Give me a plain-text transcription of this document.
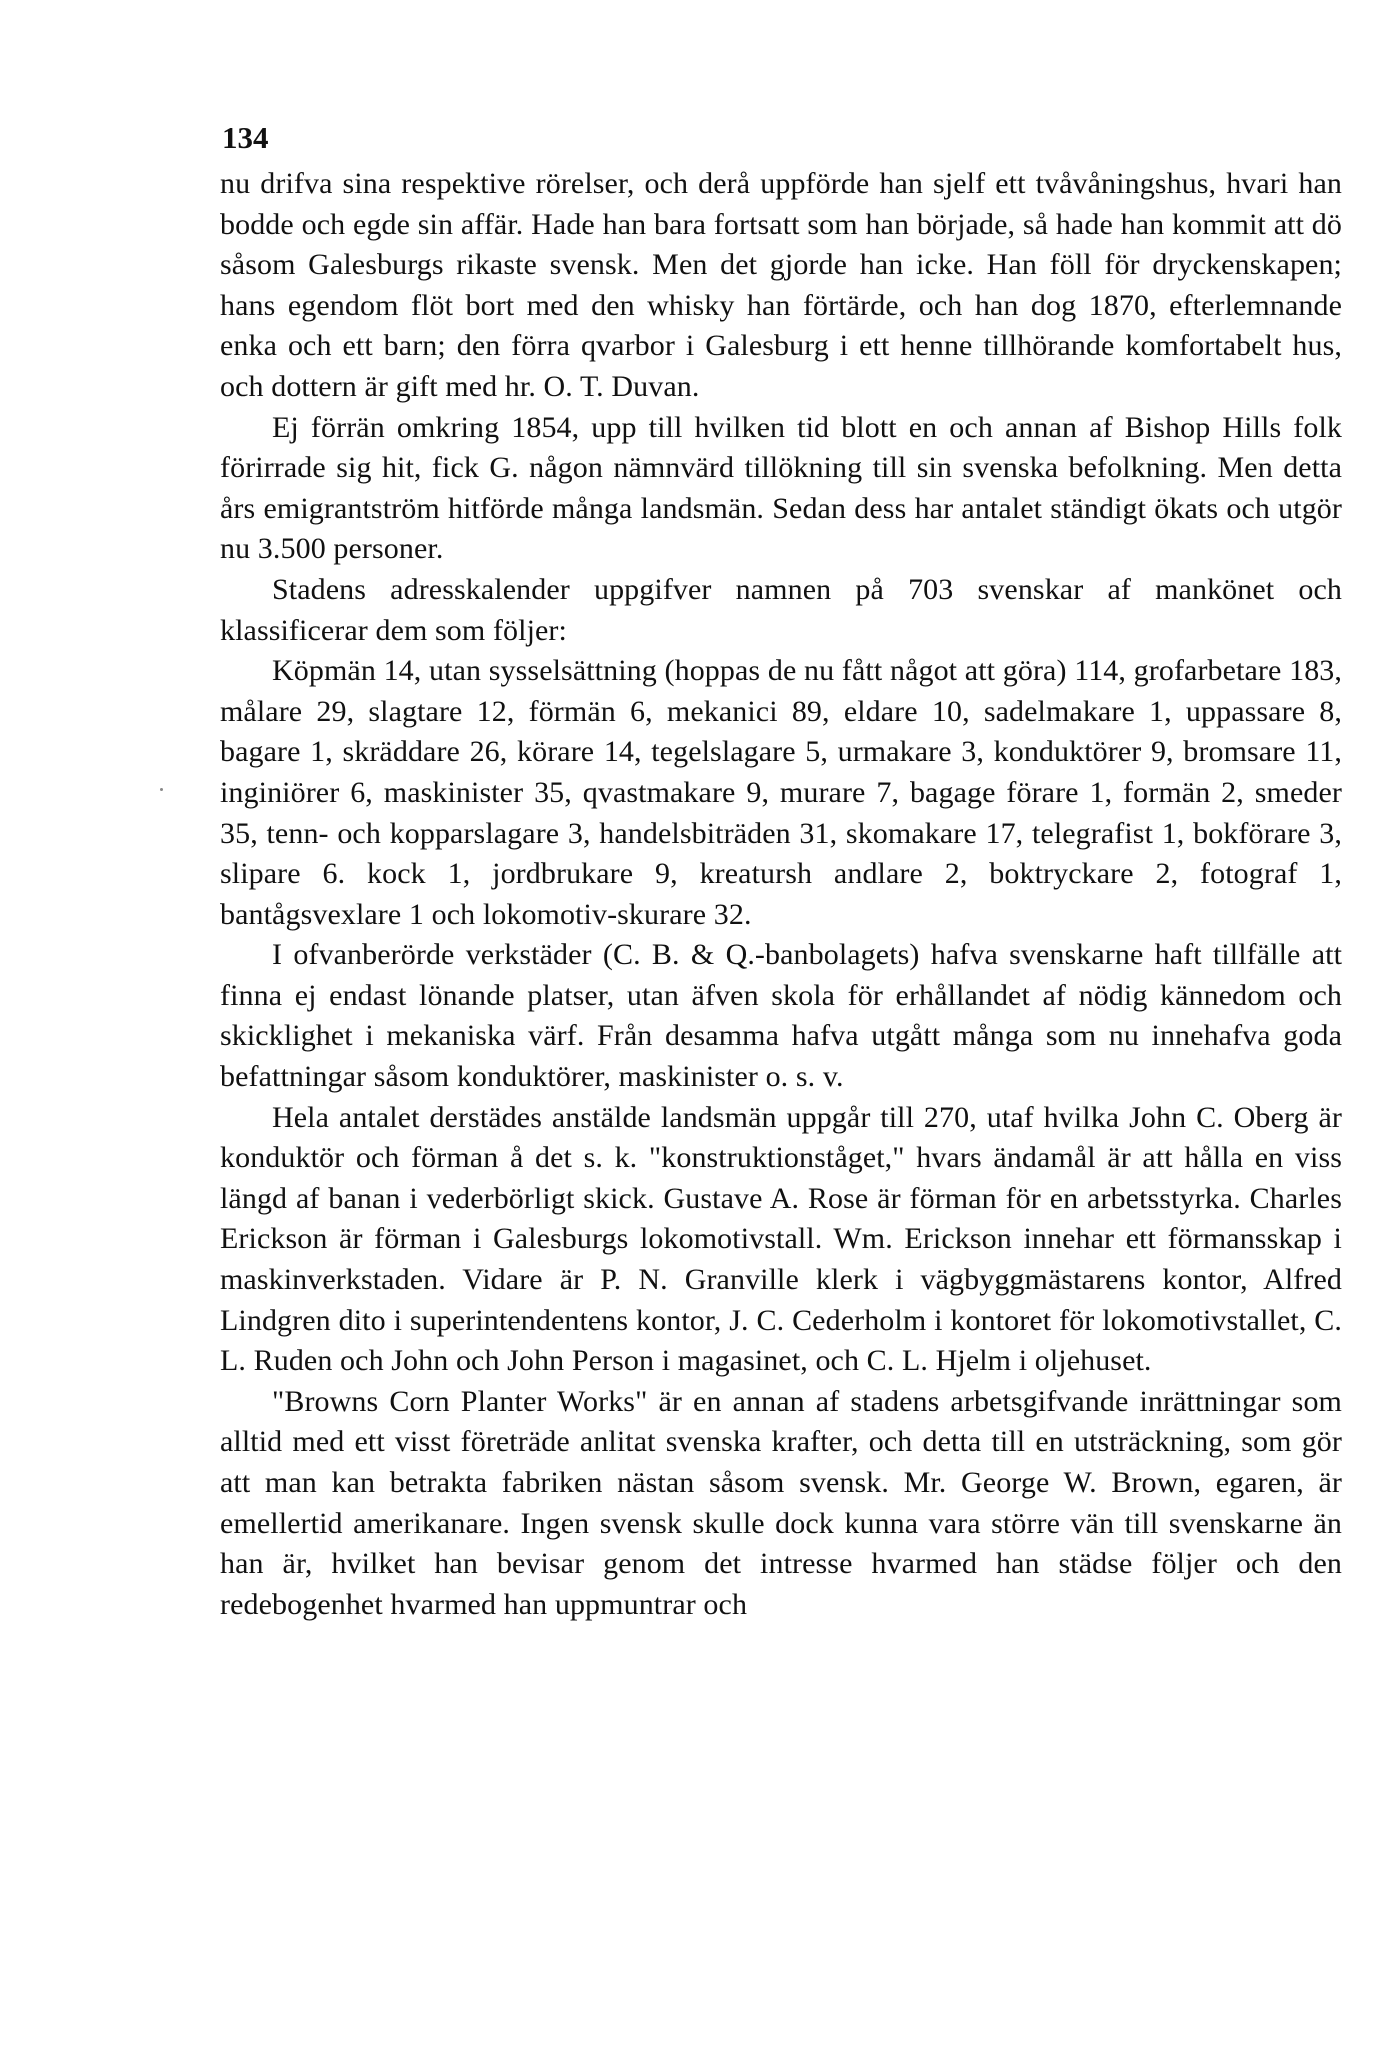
134

nu drifva sina respektive rörelser, och derå uppförde han sjelf ett tvåvåningshus, hvari han bodde och egde sin affär. Hade han bara fortsatt som han började, så hade han kommit att dö såsom Galesburgs rikaste svensk. Men det gjorde han icke. Han föll för dryckenskapen; hans egendom flöt bort med den whisky han förtärde, och han dog 1870, efterlemnande enka och ett barn; den förra qvarbor i Galesburg i ett henne tillhörande komfortabelt hus, och dottern är gift med hr. O. T. Duvan.

Ej förrän omkring 1854, upp till hvilken tid blott en och annan af Bishop Hills folk förirrade sig hit, fick G. någon nämnvärd tillökning till sin svenska befolkning. Men detta års emigrantström hitförde många landsmän. Sedan dess har antalet ständigt ökats och utgör nu 3.500 personer.

Stadens adresskalender uppgifver namnen på 703 svenskar af mankönet och klassificerar dem som följer:

Köpmän 14, utan sysselsättning (hoppas de nu fått något att göra) 114, grofarbetare 183, målare 29, slagtare 12, förmän 6, mekanici 89, eldare 10, sadelmakare 1, uppassare 8, bagare 1, skräddare 26, körare 14, tegelslagare 5, urmakare 3, konduktörer 9, bromsare 11, inginiörer 6, maskinister 35, qvastmakare 9, murare 7, bagage förare 1, formän 2, smeder 35, tenn- och kopparslagare 3, handelsbiträden 31, skomakare 17, telegrafist 1, bokförare 3, slipare 6. kock 1, jordbrukare 9, kreatursh andlare 2, boktryckare 2, fotograf 1, bantågsvexlare 1 och lokomotiv-skurare 32.

I ofvanberörde verkstäder (C. B. & Q.-banbolagets) hafva svenskarne haft tillfälle att finna ej endast lönande platser, utan äfven skola för erhållandet af nödig kännedom och skicklighet i mekaniska värf. Från desamma hafva utgått många som nu innehafva goda befattningar såsom konduktörer, maskinister o. s. v.

Hela antalet derstädes anstälde landsmän uppgår till 270, utaf hvilka John C. Oberg är konduktör och förman å det s. k. "konstruktionståget," hvars ändamål är att hålla en viss längd af banan i vederbörligt skick. Gustave A. Rose är förman för en arbetsstyrka. Charles Erickson är förman i Galesburgs lokomotivstall. Wm. Erickson innehar ett förmansskap i maskinverkstaden. Vidare är P. N. Granville klerk i vägbyggmästarens kontor, Alfred Lindgren dito i superintendentens kontor, J. C. Cederholm i kontoret för lokomotivstallet, C. L. Ruden och John och John Person i magasinet, och C. L. Hjelm i oljehuset.

"Browns Corn Planter Works" är en annan af stadens arbetsgifvande inrättningar som alltid med ett visst företräde anlitat svenska krafter, och detta till en utsträckning, som gör att man kan betrakta fabriken nästan såsom svensk. Mr. George W. Brown, egaren, är emellertid amerikanare. Ingen svensk skulle dock kunna vara större vän till svenskarne än han är, hvilket han bevisar genom det intresse hvarmed han städse följer och den redebogenhet hvarmed han uppmuntrar och
